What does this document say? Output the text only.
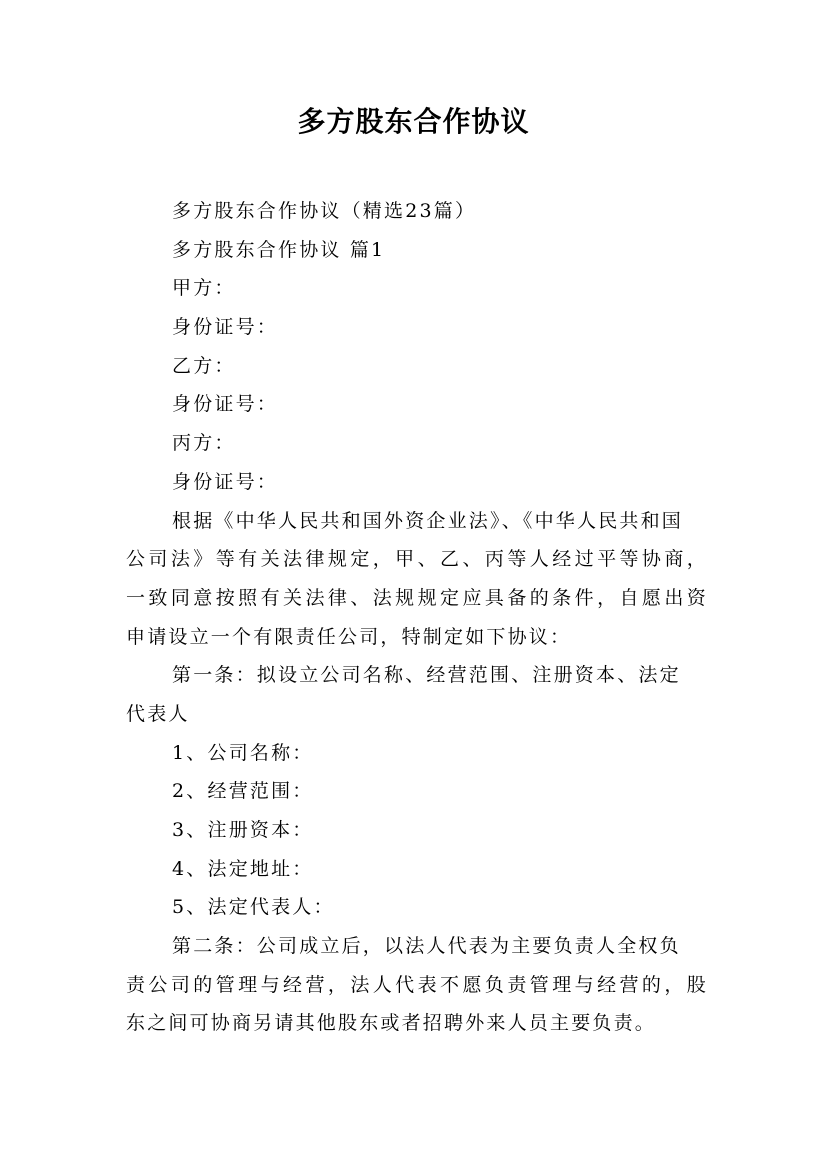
多方股东合作协议
多方股东合作协议（精选23篇）
多方股东合作协议 篇1
甲方：
身份证号：
乙方：
身份证号：
丙方：
身份证号：
根据《中华人民共和国外资企业法》、《中华人民共和国
公司法》等有关法律规定，甲、乙、丙等人经过平等协商，
一致同意按照有关法律、法规规定应具备的条件，自愿出资
申请设立一个有限责任公司，特制定如下协议：
第一条：拟设立公司名称、经营范围、注册资本、法定
代表人
1、公司名称：
2、经营范围：
3、注册资本：
4、法定地址：
5、法定代表人：
第二条：公司成立后，以法人代表为主要负责人全权负
责公司的管理与经营，法人代表不愿负责管理与经营的，股
东之间可协商另请其他股东或者招聘外来人员主要负责。
